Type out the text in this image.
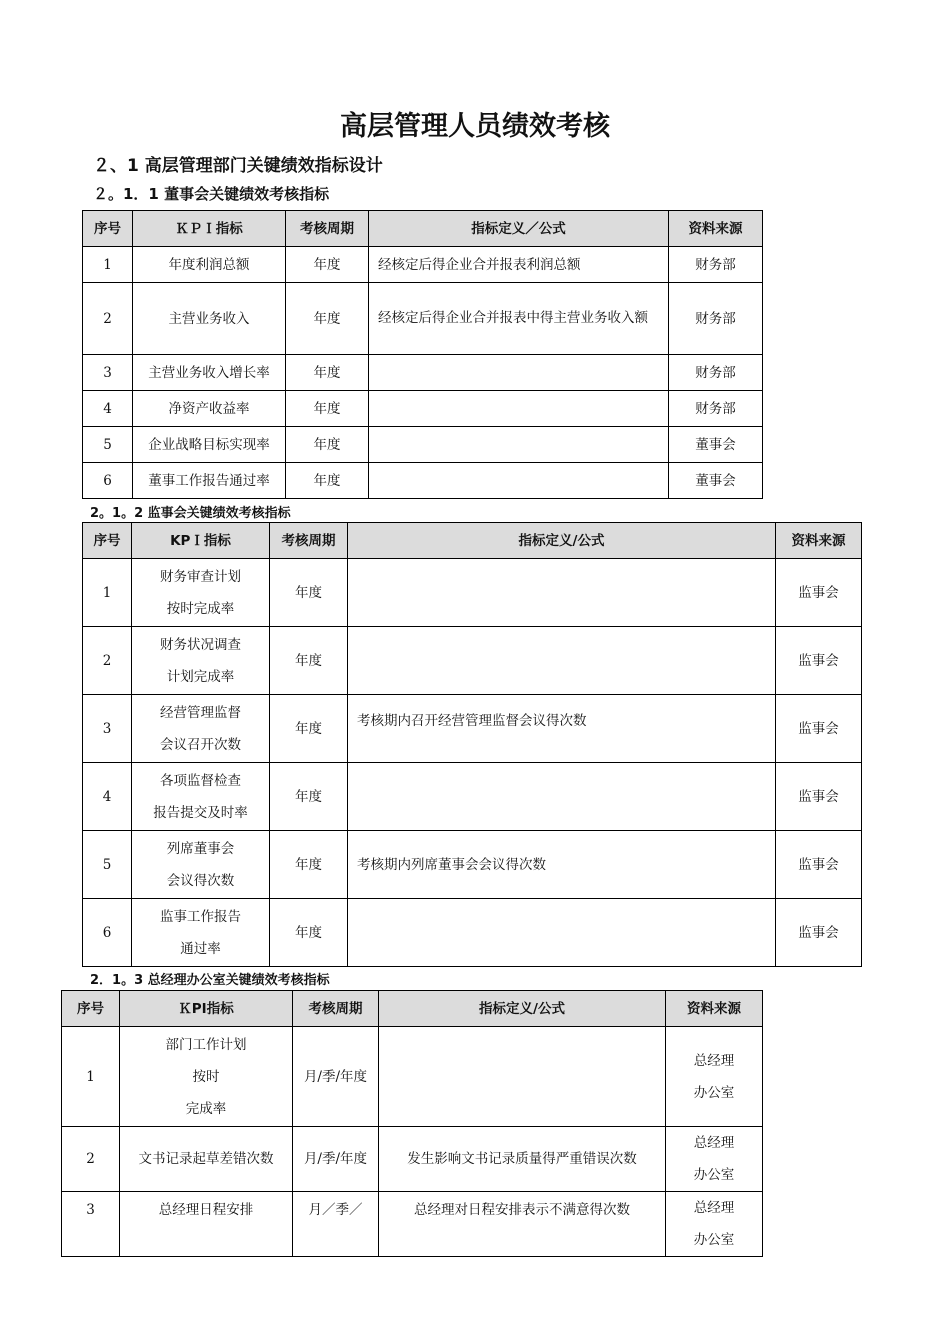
高层管理人员绩效考核
２、1 高层管理部门关键绩效指标设计
２。1．1 董事会关键绩效考核指标
序号	ＫＰＩ指标	考核周期	指标定义／公式	资料来源
1	年度利润总额	年度	经核定后得企业合并报表利润总额	财务部
2	主营业务收入	年度	经核定后得企业合并报表中得主营业务收入额	财务部
3	主营业务收入增长率	年度		财务部
4	净资产收益率	年度		财务部
5	企业战略目标实现率	年度		董事会
6	董事工作报告通过率	年度		董事会
2。1。2 监事会关键绩效考核指标
序号	KPＩ指标	考核周期	指标定义/公式	资料来源
1	财务审查计划
按时完成率	年度		监事会
2	财务状况调查
计划完成率	年度		监事会
3	经营管理监督
会议召开次数	年度	考核期内召开经营管理监督会议得次数	监事会
4	各项监督检查
报告提交及时率	年度		监事会
5	列席董事会
会议得次数	年度	考核期内列席董事会会议得次数	监事会
6	监事工作报告
通过率	年度		监事会
2．1。3 总经理办公室关键绩效考核指标
序号	ＫPI指标	考核周期	指标定义/公式	资料来源
1	部门工作计划
按时
完成率	月/季/年度		总经理
办公室

2	文书记录起草差错次数	月/季/年度	发生影响文书记录质量得严重错误次数	总经理
办公室

3	总经理日程安排	月／季／	总经理对日程安排表示不满意得次数	总经理
办公室
